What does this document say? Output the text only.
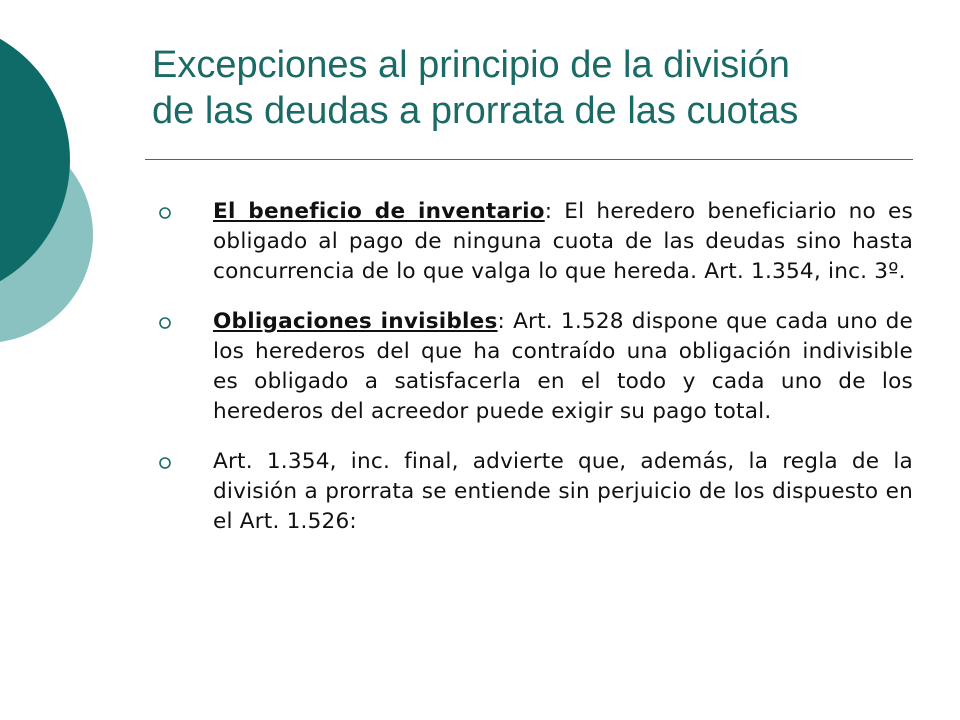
Excepciones al principio de la división
de las deudas a prorrata de las cuotas
El beneficio de inventario: El heredero beneficiario no es obligado al pago de ninguna cuota de las deudas sino hasta concurrencia de lo que valga lo que hereda. Art. 1.354, inc. 3º.
Obligaciones invisibles: Art. 1.528 dispone que cada uno de los herederos del que ha contraído una obligación indivisible es obligado a satisfacerla en el todo y cada uno de los herederos del acreedor puede exigir su pago total.
Art. 1.354, inc. final, advierte que, además, la regla de la división a prorrata se entiende sin perjuicio de los dispuesto en el Art. 1.526:
